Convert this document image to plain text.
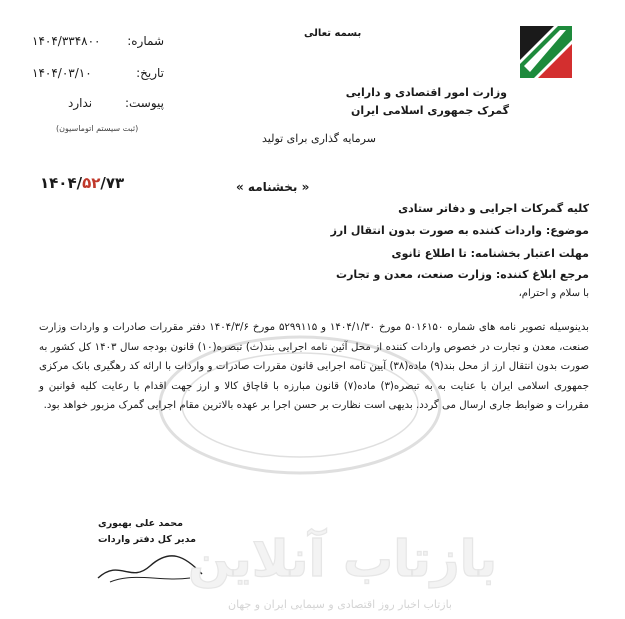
وزارت امور اقتصادی و دارایی
گمرک جمهوری اسلامی ایران
بسمه تعالی
شماره:
۱۴۰۴/۳۳۴۸۰۰
تاریخ:
۱۴۰۴/۰۳/۱۰
پیوست:
ندارد
(ثبت سیستم اتوماسیون)
سرمایه گذاری برای تولید
۱۴۰۴/۵۲/۷۳	« بخشنامه »
کلیه گمرکات اجرایی و دفاتر ستادی
موضوع: واردات کننده به صورت بدون انتقال ارز
مهلت اعتبار بخشنامه: تا اطلاع ثانوی
مرجع ابلاغ کننده: وزارت صنعت، معدن و تجارت
با سلام و احترام،
بدینوسیله تصویر نامه های شماره ۵۰۱۶۱۵۰ مورخ ۱۴۰۴/۱/۳۰ و ۵۲۹۹۱۱۵ مورخ ۱۴۰۴/۳/۶ دفتر مقررات صادرات و واردات وزارت صنعت، معدن و تجارت در خصوص واردات کننده از محل آئین نامه اجرایی بند(ث) تبصره(۱۰) قانون بودجه سال ۱۴۰۳ کل کشور به صورت بدون انتقال ارز از محل بند(۹) ماده(۳۸) آیین نامه اجرایی قانون مقررات صادرات و واردات با ارائه کد رهگیری بانک مرکزی جمهوری اسلامی ایران با عنایت به به تبصره(۳) ماده(۷) قانون مبارزه با قاچاق کالا و ارز جهت اقدام با رعایت کلیه قوانین و مقررات و ضوابط جاری ارسال می گردد. بدیهی است نظارت بر حسن اجرا بر عهده بالاترین مقام اجرایی گمرک مزبور خواهد بود.
محمد علی بهبوری
مدیر کل دفتر واردات
بازتاب آنلاین
بازتاب اخبار روز اقتصادی و سیمایی ایران و جهان
